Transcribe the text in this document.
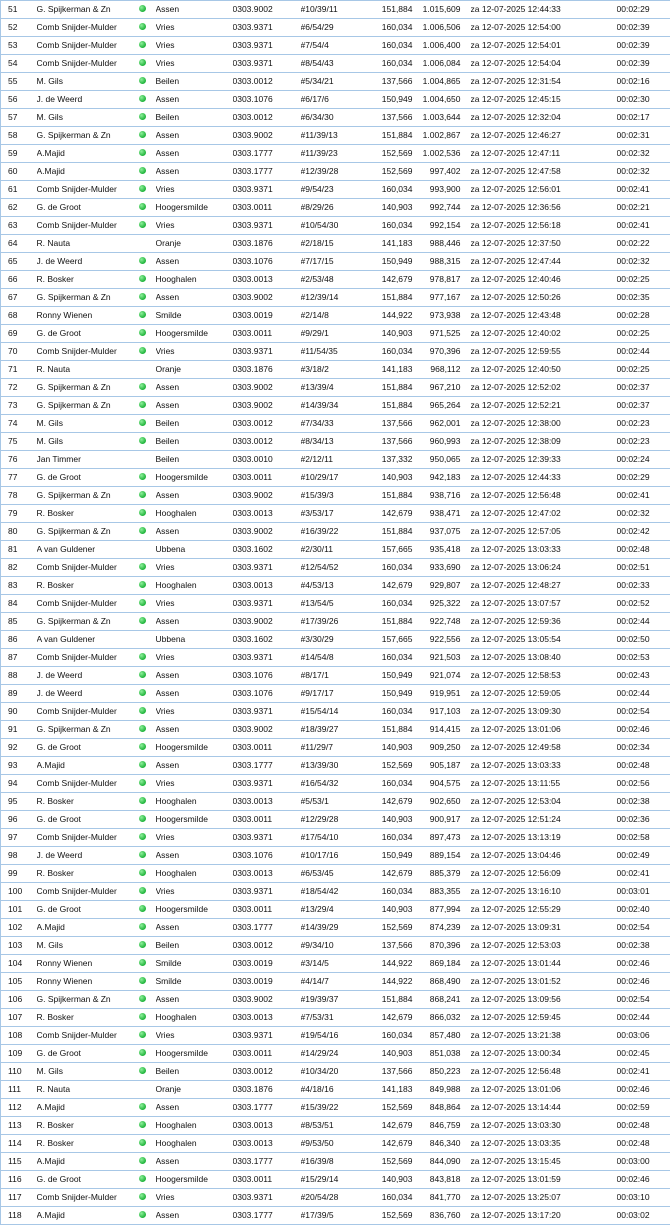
51	G. Spijkerman & Zn		Assen	0303.9002	#10/39/11	151,884	1.015,609		za 12-07-2025 12:44:33	00:02:29
52	Comb Snijder-Mulder		Vries	0303.9371	#6/54/29	160,034	1.006,506		za 12-07-2025 12:54:00	00:02:39
53	Comb Snijder-Mulder		Vries	0303.9371	#7/54/4	160,034	1.006,400		za 12-07-2025 12:54:01	00:02:39
54	Comb Snijder-Mulder		Vries	0303.9371	#8/54/43	160,034	1.006,084		za 12-07-2025 12:54:04	00:02:39
55	M. Gils		Beilen	0303.0012	#5/34/21	137,566	1.004,865		za 12-07-2025 12:31:54	00:02:16
56	J. de Weerd		Assen	0303.1076	#6/17/6	150,949	1.004,650		za 12-07-2025 12:45:15	00:02:30
57	M. Gils		Beilen	0303.0012	#6/34/30	137,566	1.003,644		za 12-07-2025 12:32:04	00:02:17
58	G. Spijkerman & Zn		Assen	0303.9002	#11/39/13	151,884	1.002,867		za 12-07-2025 12:46:27	00:02:31
59	A.Majid		Assen	0303.1777	#11/39/23	152,569	1.002,536		za 12-07-2025 12:47:11	00:02:32
60	A.Majid		Assen	0303.1777	#12/39/28	152,569	997,402		za 12-07-2025 12:47:58	00:02:32
61	Comb Snijder-Mulder		Vries	0303.9371	#9/54/23	160,034	993,900		za 12-07-2025 12:56:01	00:02:41
62	G. de Groot		Hoogersmilde	0303.0011	#8/29/26	140,903	992,744		za 12-07-2025 12:36:56	00:02:21
63	Comb Snijder-Mulder		Vries	0303.9371	#10/54/30	160,034	992,154		za 12-07-2025 12:56:18	00:02:41
64	R. Nauta		Oranje	0303.1876	#2/18/15	141,183	988,446		za 12-07-2025 12:37:50	00:02:22
65	J. de Weerd		Assen	0303.1076	#7/17/15	150,949	988,315		za 12-07-2025 12:47:44	00:02:32
66	R. Bosker		Hooghalen	0303.0013	#2/53/48	142,679	978,817		za 12-07-2025 12:40:46	00:02:25
67	G. Spijkerman & Zn		Assen	0303.9002	#12/39/14	151,884	977,167		za 12-07-2025 12:50:26	00:02:35
68	Ronny Wienen		Smilde	0303.0019	#2/14/8	144,922	973,938		za 12-07-2025 12:43:48	00:02:28
69	G. de Groot		Hoogersmilde	0303.0011	#9/29/1	140,903	971,525		za 12-07-2025 12:40:02	00:02:25
70	Comb Snijder-Mulder		Vries	0303.9371	#11/54/35	160,034	970,396		za 12-07-2025 12:59:55	00:02:44
71	R. Nauta		Oranje	0303.1876	#3/18/2	141,183	968,112		za 12-07-2025 12:40:50	00:02:25
72	G. Spijkerman & Zn		Assen	0303.9002	#13/39/4	151,884	967,210		za 12-07-2025 12:52:02	00:02:37
73	G. Spijkerman & Zn		Assen	0303.9002	#14/39/34	151,884	965,264		za 12-07-2025 12:52:21	00:02:37
74	M. Gils		Beilen	0303.0012	#7/34/33	137,566	962,001		za 12-07-2025 12:38:00	00:02:23
75	M. Gils		Beilen	0303.0012	#8/34/13	137,566	960,993		za 12-07-2025 12:38:09	00:02:23
76	Jan Timmer		Beilen	0303.0010	#2/12/11	137,332	950,065		za 12-07-2025 12:39:33	00:02:24
77	G. de Groot		Hoogersmilde	0303.0011	#10/29/17	140,903	942,183		za 12-07-2025 12:44:33	00:02:29
78	G. Spijkerman & Zn		Assen	0303.9002	#15/39/3	151,884	938,716		za 12-07-2025 12:56:48	00:02:41
79	R. Bosker		Hooghalen	0303.0013	#3/53/17	142,679	938,471		za 12-07-2025 12:47:02	00:02:32
80	G. Spijkerman & Zn		Assen	0303.9002	#16/39/22	151,884	937,075		za 12-07-2025 12:57:05	00:02:42
81	A van Guldener		Ubbena	0303.1602	#2/30/11	157,665	935,418		za 12-07-2025 13:03:33	00:02:48
82	Comb Snijder-Mulder		Vries	0303.9371	#12/54/52	160,034	933,690		za 12-07-2025 13:06:24	00:02:51
83	R. Bosker		Hooghalen	0303.0013	#4/53/13	142,679	929,807		za 12-07-2025 12:48:27	00:02:33
84	Comb Snijder-Mulder		Vries	0303.9371	#13/54/5	160,034	925,322		za 12-07-2025 13:07:57	00:02:52
85	G. Spijkerman & Zn		Assen	0303.9002	#17/39/26	151,884	922,748		za 12-07-2025 12:59:36	00:02:44
86	A van Guldener		Ubbena	0303.1602	#3/30/29	157,665	922,556		za 12-07-2025 13:05:54	00:02:50
87	Comb Snijder-Mulder		Vries	0303.9371	#14/54/8	160,034	921,503		za 12-07-2025 13:08:40	00:02:53
88	J. de Weerd		Assen	0303.1076	#8/17/1	150,949	921,074		za 12-07-2025 12:58:53	00:02:43
89	J. de Weerd		Assen	0303.1076	#9/17/17	150,949	919,951		za 12-07-2025 12:59:05	00:02:44
90	Comb Snijder-Mulder		Vries	0303.9371	#15/54/14	160,034	917,103		za 12-07-2025 13:09:30	00:02:54
91	G. Spijkerman & Zn		Assen	0303.9002	#18/39/27	151,884	914,415		za 12-07-2025 13:01:06	00:02:46
92	G. de Groot		Hoogersmilde	0303.0011	#11/29/7	140,903	909,250		za 12-07-2025 12:49:58	00:02:34
93	A.Majid		Assen	0303.1777	#13/39/30	152,569	905,187		za 12-07-2025 13:03:33	00:02:48
94	Comb Snijder-Mulder		Vries	0303.9371	#16/54/32	160,034	904,575		za 12-07-2025 13:11:55	00:02:56
95	R. Bosker		Hooghalen	0303.0013	#5/53/1	142,679	902,650		za 12-07-2025 12:53:04	00:02:38
96	G. de Groot		Hoogersmilde	0303.0011	#12/29/28	140,903	900,917		za 12-07-2025 12:51:24	00:02:36
97	Comb Snijder-Mulder		Vries	0303.9371	#17/54/10	160,034	897,473		za 12-07-2025 13:13:19	00:02:58
98	J. de Weerd		Assen	0303.1076	#10/17/16	150,949	889,154		za 12-07-2025 13:04:46	00:02:49
99	R. Bosker		Hooghalen	0303.0013	#6/53/45	142,679	885,379		za 12-07-2025 12:56:09	00:02:41
100	Comb Snijder-Mulder		Vries	0303.9371	#18/54/42	160,034	883,355		za 12-07-2025 13:16:10	00:03:01
101	G. de Groot		Hoogersmilde	0303.0011	#13/29/4	140,903	877,994		za 12-07-2025 12:55:29	00:02:40
102	A.Majid		Assen	0303.1777	#14/39/29	152,569	874,239		za 12-07-2025 13:09:31	00:02:54
103	M. Gils		Beilen	0303.0012	#9/34/10	137,566	870,396		za 12-07-2025 12:53:03	00:02:38
104	Ronny Wienen		Smilde	0303.0019	#3/14/5	144,922	869,184		za 12-07-2025 13:01:44	00:02:46
105	Ronny Wienen		Smilde	0303.0019	#4/14/7	144,922	868,490		za 12-07-2025 13:01:52	00:02:46
106	G. Spijkerman & Zn		Assen	0303.9002	#19/39/37	151,884	868,241		za 12-07-2025 13:09:56	00:02:54
107	R. Bosker		Hooghalen	0303.0013	#7/53/31	142,679	866,032		za 12-07-2025 12:59:45	00:02:44
108	Comb Snijder-Mulder		Vries	0303.9371	#19/54/16	160,034	857,480		za 12-07-2025 13:21:38	00:03:06
109	G. de Groot		Hoogersmilde	0303.0011	#14/29/24	140,903	851,038		za 12-07-2025 13:00:34	00:02:45
110	M. Gils		Beilen	0303.0012	#10/34/20	137,566	850,223		za 12-07-2025 12:56:48	00:02:41
111	R. Nauta		Oranje	0303.1876	#4/18/16	141,183	849,988		za 12-07-2025 13:01:06	00:02:46
112	A.Majid		Assen	0303.1777	#15/39/22	152,569	848,864		za 12-07-2025 13:14:44	00:02:59
113	R. Bosker		Hooghalen	0303.0013	#8/53/51	142,679	846,759		za 12-07-2025 13:03:30	00:02:48
114	R. Bosker		Hooghalen	0303.0013	#9/53/50	142,679	846,340		za 12-07-2025 13:03:35	00:02:48
115	A.Majid		Assen	0303.1777	#16/39/8	152,569	844,090		za 12-07-2025 13:15:45	00:03:00
116	G. de Groot		Hoogersmilde	0303.0011	#15/29/14	140,903	843,818		za 12-07-2025 13:01:59	00:02:46
117	Comb Snijder-Mulder		Vries	0303.9371	#20/54/28	160,034	841,770		za 12-07-2025 13:25:07	00:03:10
118	A.Majid		Assen	0303.1777	#17/39/5	152,569	836,760		za 12-07-2025 13:17:20	00:03:02
